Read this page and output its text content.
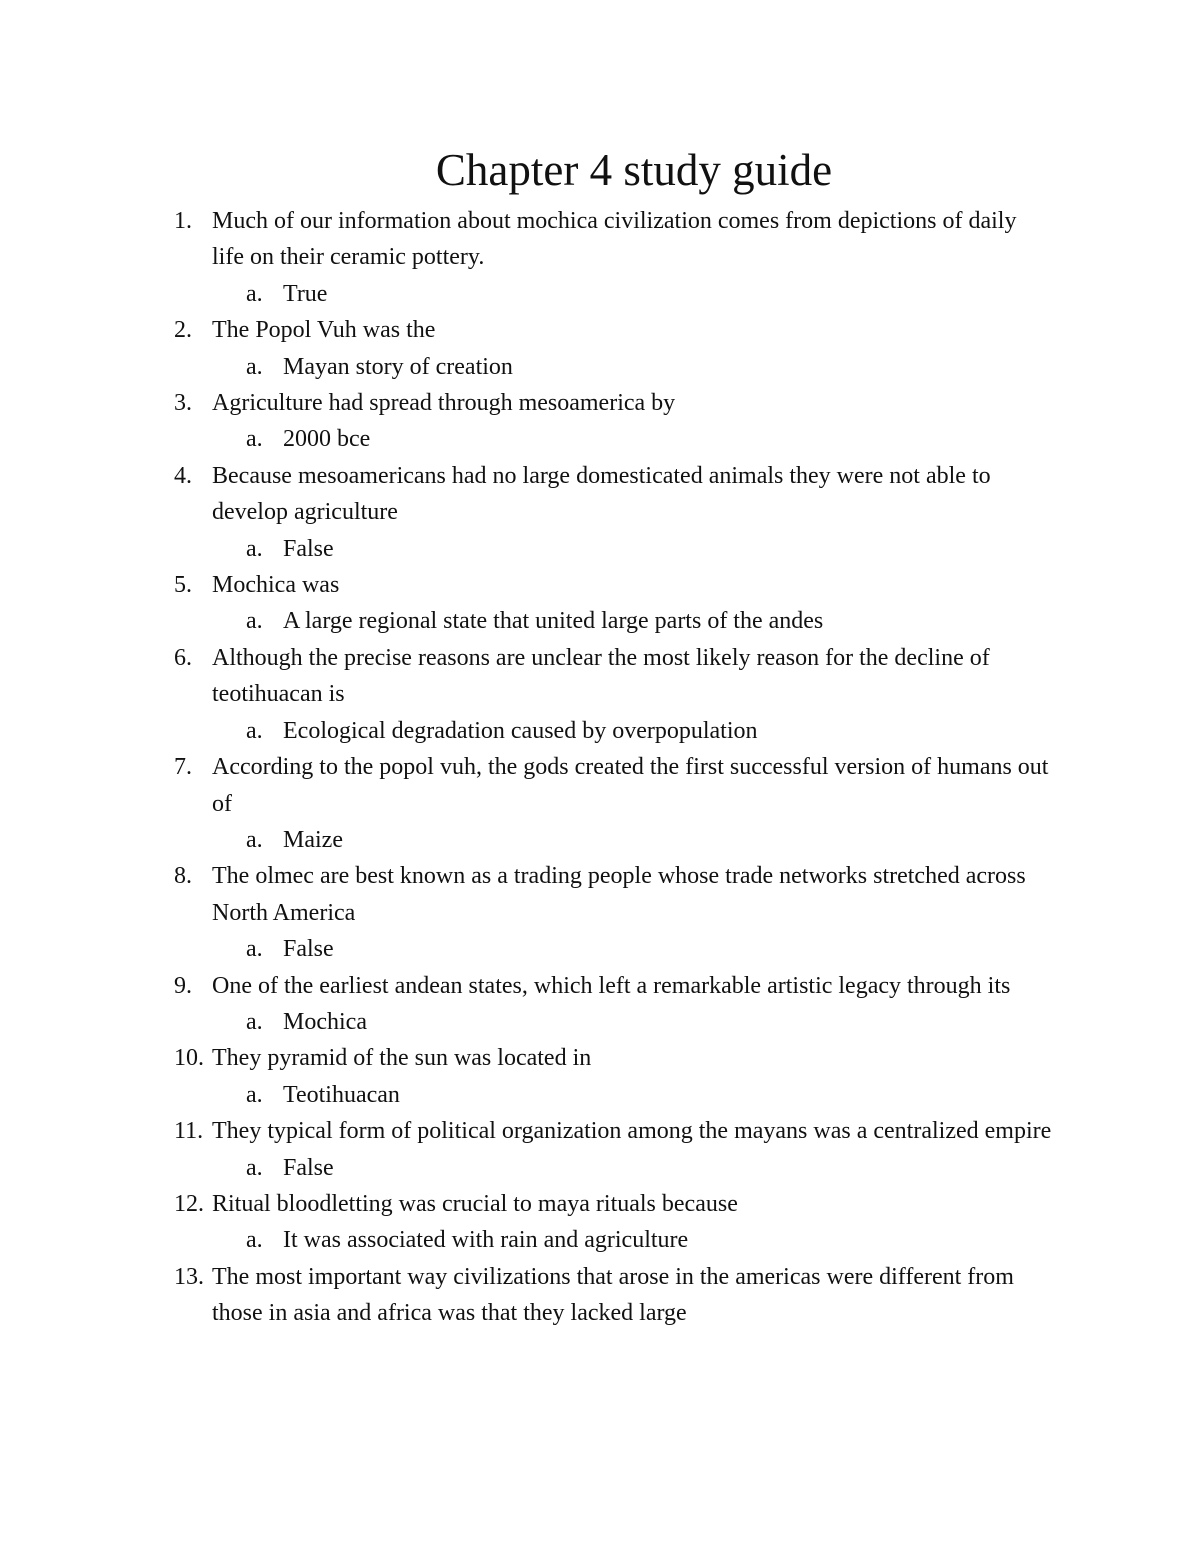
Chapter 4 study guide
1. Much of our information about mochica civilization comes from depictions of daily life on their ceramic pottery.
a. True
2. The Popol Vuh was the
a. Mayan story of creation
3. Agriculture had spread through mesoamerica by
a. 2000 bce
4. Because mesoamericans had no large domesticated animals they were not able to develop agriculture
a. False
5. Mochica was
a. A large regional state that united large parts of the andes
6. Although the precise reasons are unclear the most likely reason for the decline of teotihuacan is
a. Ecological degradation caused by overpopulation
7. According to the popol vuh, the gods created the first successful version of humans out of
a. Maize
8. The olmec are best known as a trading people whose trade networks stretched across North America
a. False
9. One of the earliest andean states, which left a remarkable artistic legacy through its
a. Mochica
10. They pyramid of the sun was located in
a. Teotihuacan
11. They typical form of political organization among the mayans was a centralized empire
a. False
12. Ritual bloodletting was crucial to maya rituals because
a. It was associated with rain and agriculture
13. The most important way civilizations that arose in the americas were different from those in asia and africa was that they lacked large
